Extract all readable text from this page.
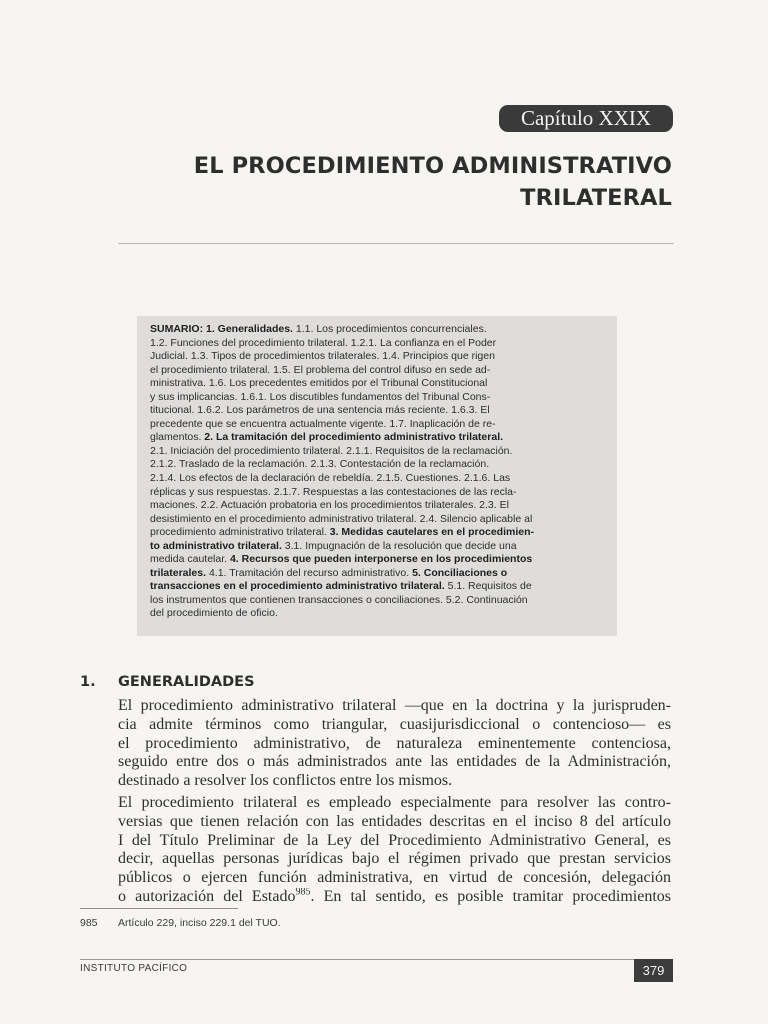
Capítulo XXIX
EL PROCEDIMIENTO ADMINISTRATIVO
TRILATERAL
SUMARIO: 1. Generalidades. 1.1. Los procedimientos concurrenciales.
1.2. Funciones del procedimiento trilateral. 1.2.1. La confianza en el Poder
Judicial. 1.3. Tipos de procedimientos trilaterales. 1.4. Principios que rigen
el procedimiento trilateral. 1.5. El problema del control difuso en sede ad-
ministrativa. 1.6. Los precedentes emitidos por el Tribunal Constitucional
y sus implicancias. 1.6.1. Los discutibles fundamentos del Tribunal Cons-
titucional. 1.6.2. Los parámetros de una sentencia más reciente. 1.6.3. El
precedente que se encuentra actualmente vigente. 1.7. Inaplicación de re-
glamentos. 2. La tramitación del procedimiento administrativo trilateral.
2.1. Iniciación del procedimiento trilateral. 2.1.1. Requisitos de la reclamación.
2.1.2. Traslado de la reclamación. 2.1.3. Contestación de la reclamación.
2.1.4. Los efectos de la declaración de rebeldía. 2.1.5. Cuestiones. 2.1.6. Las
réplicas y sus respuestas. 2.1.7. Respuestas a las contestaciones de las recla-
maciones. 2.2. Actuación probatoria en los procedimientos trilaterales. 2.3. El
desistimiento en el procedimiento administrativo trilateral. 2.4. Silencio aplicable al
procedimiento administrativo trilateral. 3. Medidas cautelares en el procedimien-
to administrativo trilateral. 3.1. Impugnación de la resolución que decide una
medida cautelar. 4. Recursos que pueden interponerse en los procedimientos
trilaterales. 4.1. Tramitación del recurso administrativo. 5. Conciliaciones o
transacciones en el procedimiento administrativo trilateral. 5.1. Requisitos de
los instrumentos que contienen transacciones o conciliaciones. 5.2. Continuación
del procedimiento de oficio.
1. GENERALIDADES
El procedimiento administrativo trilateral —que en la doctrina y la jurispruden-
cia admite términos como triangular, cuasijurisdiccional o contencioso— es
el procedimiento administrativo, de naturaleza eminentemente contenciosa,
seguido entre dos o más administrados ante las entidades de la Administración,
destinado a resolver los conflictos entre los mismos.
El procedimiento trilateral es empleado especialmente para resolver las contro-
versias que tienen relación con las entidades descritas en el inciso 8 del artículo
I del Título Preliminar de la Ley del Procedimiento Administrativo General, es
decir, aquellas personas jurídicas bajo el régimen privado que prestan servicios
públicos o ejercen función administrativa, en virtud de concesión, delegación
o autorización del Estado$^{985}$. En tal sentido, es posible tramitar procedimientos
985 Artículo 229, inciso 229.1 del TUO.
INSTITUTO PACÍFICO	379
